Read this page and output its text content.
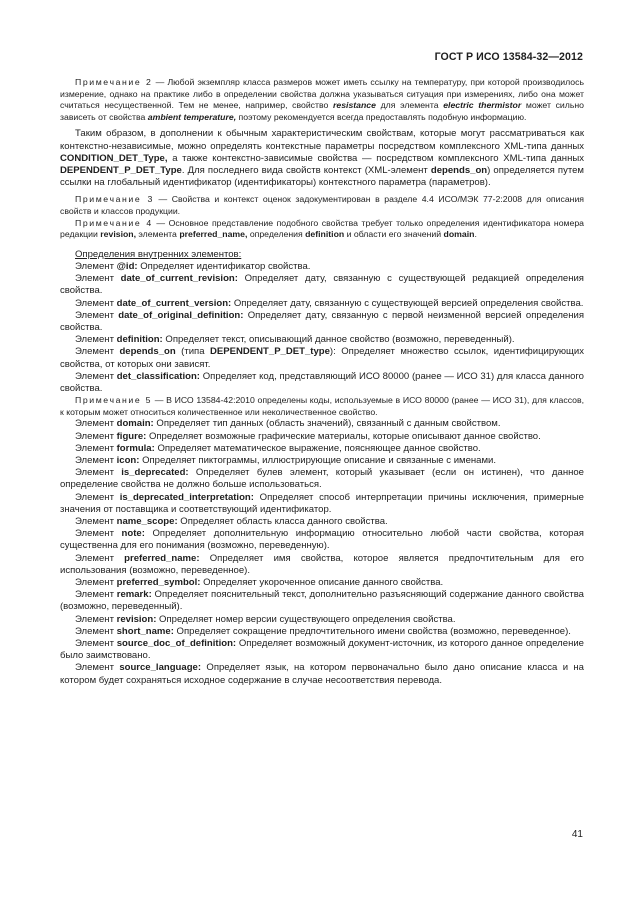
ГОСТ Р ИСО 13584-32—2012

Примечание 2 — Любой экземпляр класса размеров может иметь ссылку на температуру, при которой производилось измерение, однако на практике либо в определении свойства должна указываться ситуация при измерениях, либо она может считаться несущественной. Тем не менее, например, свойство resistance для элемента electric thermistor может сильно зависеть от свойства ambient temperature, поэтому рекомендуется всегда предоставлять подобную информацию.

Таким образом, в дополнении к обычным характеристическим свойствам, которые могут рассматриваться как контекстно-независимые, можно определять контекстные параметры посредством комплексного XML-типа данных CONDITION_DET_Type, а также контекстно-зависимые свойства — посредством комплексного XML-типа данных DEPENDENT_P_DET_Type. Для последнего вида свойств контекст (XML-элемент depends_on) определяется путем ссылки на глобальный идентификатор (идентификаторы) контекстного параметра (параметров).

Примечание 3 — Свойства и контекст оценок задокументирован в разделе 4.4 ИСО/МЭК 77-2:2008 для описания свойств и классов продукции.

Примечание 4 — Основное представление подобного свойства требует только определения идентификатора номера редакции revision, элемента preferred_name, определения definition и области его значений domain.

Определения внутренних элементов:

Элемент @id: Определяет идентификатор свойства.

Элемент date_of_current_revision: Определяет дату, связанную с существующей редакцией определения свойства.

Элемент date_of_current_version: Определяет дату, связанную с существующей версией определения свойства.

Элемент date_of_original_definition: Определяет дату, связанную с первой неизменной версией определения свойства.

Элемент definition: Определяет текст, описывающий данное свойство (возможно, переведенный).

Элемент depends_on (типа DEPENDENT_P_DET_type): Определяет множество ссылок, идентифицирующих свойства, от которых они зависят.

Элемент det_classification: Определяет код, представляющий ИСО 80000 (ранее — ИСО 31) для класса данного свойства.

Примечание 5 — В ИСО 13584-42:2010 определены коды, используемые в ИСО 80000 (ранее — ИСО 31), для классов, к которым может относиться количественное или неколичественное свойство.

Элемент domain: Определяет тип данных (область значений), связанный с данным свойством.

Элемент figure: Определяет возможные графические материалы, которые описывают данное свойство.

Элемент formula: Определяет математическое выражение, поясняющее данное свойство.

Элемент icon: Определяет пиктограммы, иллюстрирующие описание и связанные с именами.

Элемент is_deprecated: Определяет булев элемент, который указывает (если он истинен), что данное определение свойства не должно больше использоваться.

Элемент is_deprecated_interpretation: Определяет способ интерпретации причины исключения, примерные значения от поставщика и соответствующий идентификатор.

Элемент name_scope: Определяет область класса данного свойства.

Элемент note: Определяет дополнительную информацию относительно любой части свойства, которая существенна для его понимания (возможно, переведенную).

Элемент preferred_name: Определяет имя свойства, которое является предпочтительным для его использования (возможно, переведенное).

Элемент preferred_symbol: Определяет укороченное описание данного свойства.

Элемент remark: Определяет пояснительный текст, дополнительно разъясняющий содержание данного свойства (возможно, переведенный).

Элемент revision: Определяет номер версии существующего определения свойства.

Элемент short_name: Определяет сокращение предпочтительного имени свойства (возможно, переведенное).

Элемент source_doc_of_definition: Определяет возможный документ-источник, из которого данное определение было заимствовано.

Элемент source_language: Определяет язык, на котором первоначально было дано описание класса и на котором будет сохраняться исходное содержание в случае несоответствия перевода.

41
